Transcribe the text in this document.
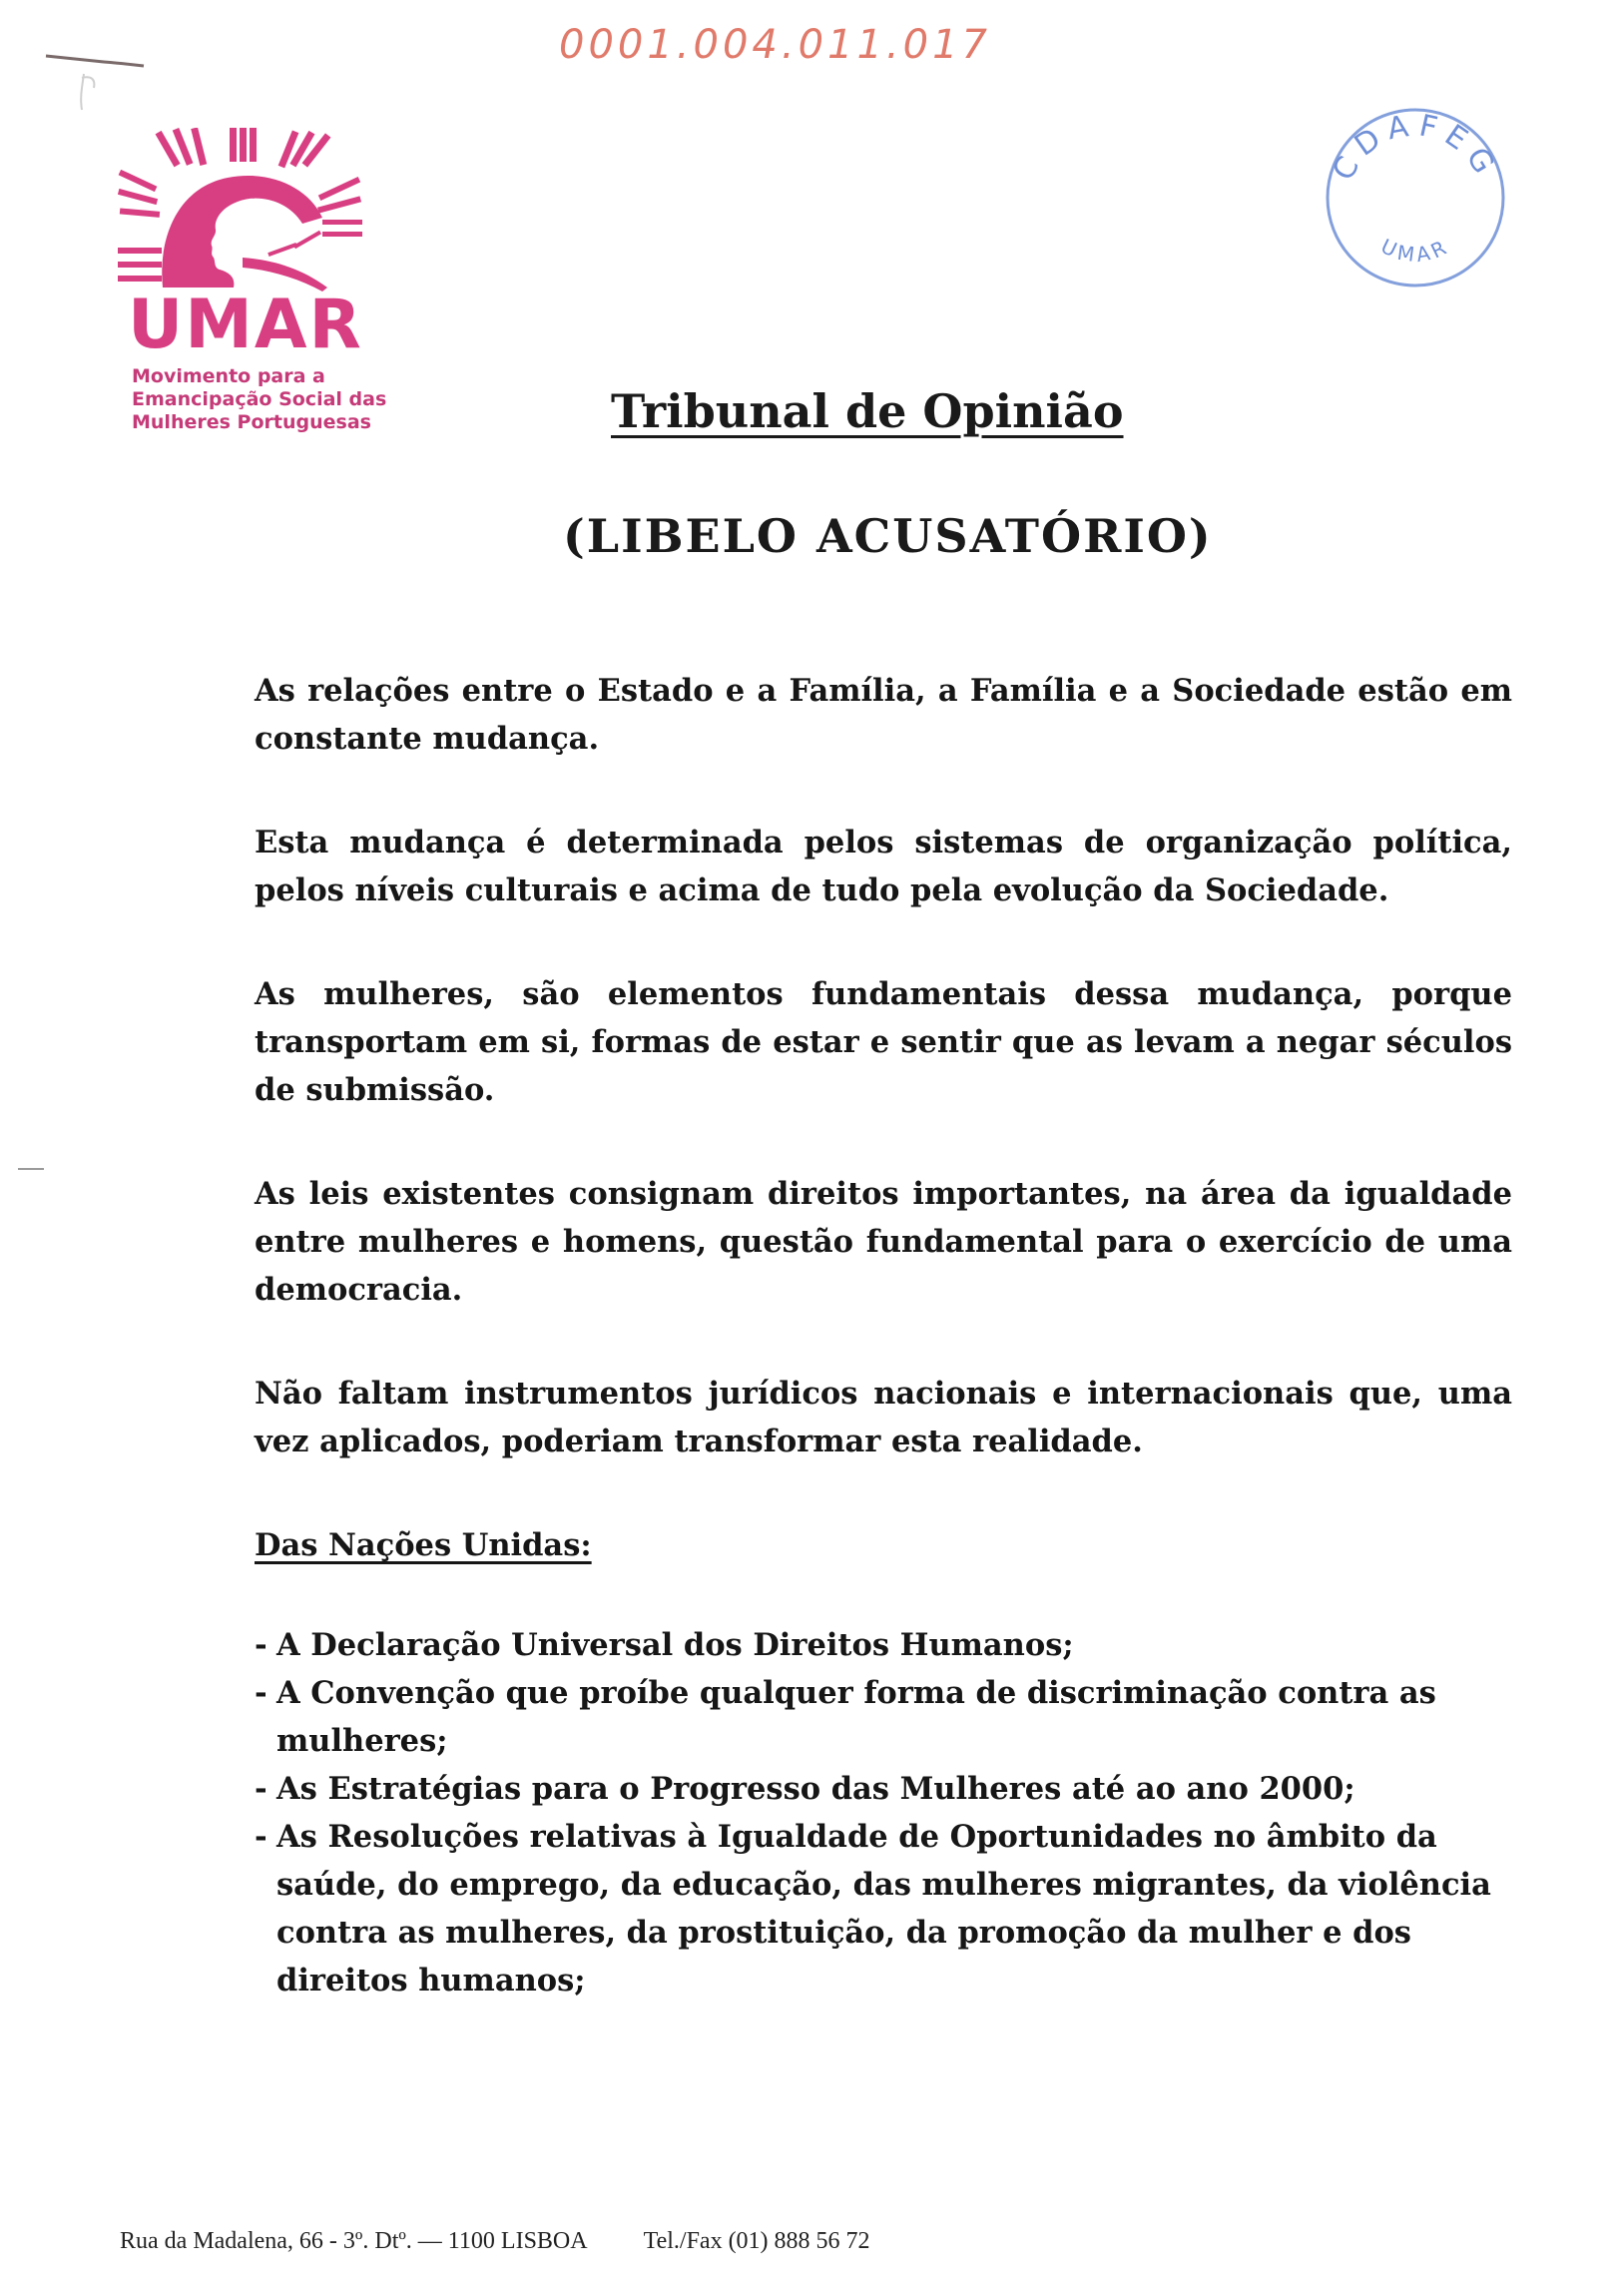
0001.004.011.017
UMAR
Movimento para a
Emancipação Social das
Mulheres Portuguesas
CDAFEG
UMAR
Tribunal de Opinião
(LIBELO ACUSATÓRIO)

As relações entre o Estado e a Família, a Família e a Sociedade estão em constante mudança.

Esta mudança é determinada pelos sistemas de organização política, pelos níveis culturais e acima de tudo pela evolução da Sociedade.

As mulheres, são elementos fundamentais dessa mudança, porque transportam em si, formas de estar e sentir que as levam a negar séculos de submissão.

As leis existentes consignam direitos importantes, na área da igualdade entre mulheres e homens, questão fundamental para o exercício de uma democracia.

Não faltam instrumentos jurídicos nacionais e internacionais que, uma vez aplicados, poderiam transformar esta realidade.

Das Nações Unidas:

- A Declaração Universal dos Direitos Humanos;
- A Convenção que proíbe qualquer forma de discriminação contra as mulheres;
- As Estratégias para o Progresso das Mulheres até ao ano 2000;
- As Resoluções relativas à Igualdade de Oportunidades no âmbito da saúde, do emprego, da educação, das mulheres migrantes, da violência contra as mulheres, da prostituição, da promoção da mulher e dos direitos humanos;
Rua da Madalena, 66 - 3º. Dtº. — 1100 LISBOA Tel./Fax (01) 888 56 72
